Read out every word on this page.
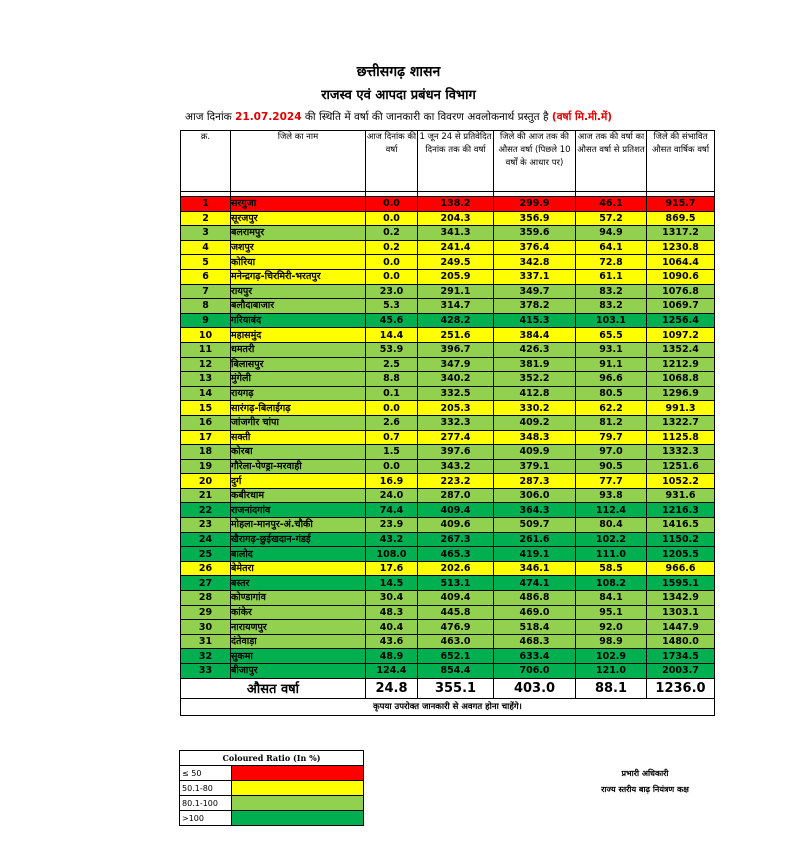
छत्तीसगढ़ शासन
राजस्व एवं आपदा प्रबंधन विभाग
आज दिनांक 21.07.2024 की स्थिति में वर्षा की जानकारी का विवरण अवलोकनार्थ प्रस्तुत है (वर्षा मि.मी.में)
क्र.	जिले का नाम	आज दिनांक की वर्षा	1 जून 24 से प्रतिवेदित दिनांक तक की वर्षा	जिले की आज तक की औसत वर्षा (पिछले 10 वर्षों के आधार पर)	आज तक की वर्षा का औसत वर्षा से प्रतिशत	जिले की संभावित औसत वार्षिक वर्षा

1	सरगुजा	0.0	138.2	299.9	46.1	915.7
2	सूरजपुर	0.0	204.3	356.9	57.2	869.5
3	बलरामपुर	0.2	341.3	359.6	94.9	1317.2
4	जशपुर	0.2	241.4	376.4	64.1	1230.8
5	कोरिया	0.0	249.5	342.8	72.8	1064.4
6	मनेन्द्रगढ़-चिरमिरी-भरतपुर	0.0	205.9	337.1	61.1	1090.6
7	रायपुर	23.0	291.1	349.7	83.2	1076.8
8	बलौदाबाजार	5.3	314.7	378.2	83.2	1069.7
9	गरियाबंद	45.6	428.2	415.3	103.1	1256.4
10	महासमुंद	14.4	251.6	384.4	65.5	1097.2
11	धमतरी	53.9	396.7	426.3	93.1	1352.4
12	बिलासपुर	2.5	347.9	381.9	91.1	1212.9
13	मुंगेली	8.8	340.2	352.2	96.6	1068.8
14	रायगढ़	0.1	332.5	412.8	80.5	1296.9
15	सारंगढ़-बिलाईगढ़	0.0	205.3	330.2	62.2	991.3
16	जांजगीर चांपा	2.6	332.3	409.2	81.2	1322.7
17	सक्ती	0.7	277.4	348.3	79.7	1125.8
18	कोरबा	1.5	397.6	409.9	97.0	1332.3
19	गौरेला-पेण्ड्रा-मरवाही	0.0	343.2	379.1	90.5	1251.6
20	दुर्ग	16.9	223.2	287.3	77.7	1052.2
21	कबीरधाम	24.0	287.0	306.0	93.8	931.6
22	राजनांदगांव	74.4	409.4	364.3	112.4	1216.3
23	मोहला-मानपुर-अं.चौकी	23.9	409.6	509.7	80.4	1416.5
24	खैरागढ़-छुईखदान-गंडई	43.2	267.3	261.6	102.2	1150.2
25	बालोद	108.0	465.3	419.1	111.0	1205.5
26	बेमेतरा	17.6	202.6	346.1	58.5	966.6
27	बस्तर	14.5	513.1	474.1	108.2	1595.1
28	कोण्डागांव	30.4	409.4	486.8	84.1	1342.9
29	कांकेर	48.3	445.8	469.0	95.1	1303.1
30	नारायणपुर	40.4	476.9	518.4	92.0	1447.9
31	दंतेवाड़ा	43.6	463.0	468.3	98.9	1480.0
32	सुकमा	48.9	652.1	633.4	102.9	1734.5
33	बीजापुर	124.4	854.4	706.0	121.0	2003.7
औसत वर्षा		24.8	355.1	403.0	88.1	1236.0
कृपया उपरोक्त जानकारी से अवगत होना चाहेंगे।						
Coloured Ratio (In %)	
≤ 50	
50.1-80	
80.1-100	
>100	
प्रभारी अधिकारी
राज्य स्तरीय बाढ़ नियंत्रण कक्ष
